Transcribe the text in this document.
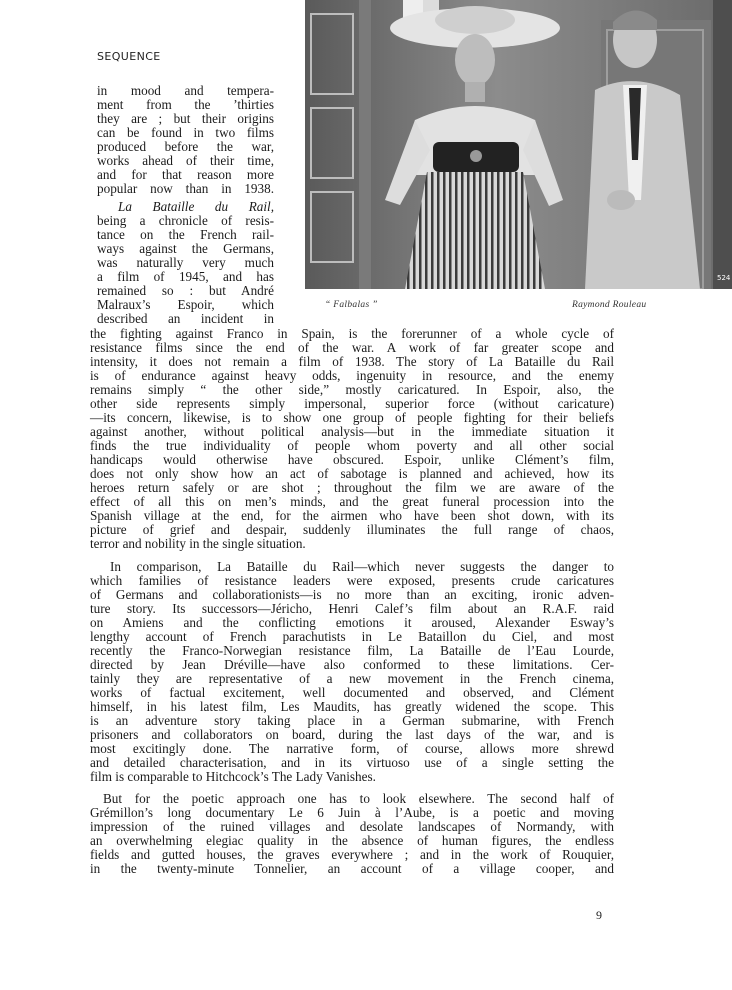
SEQUENCE
524
“ Falbalas ”	Raymond Rouleau

in mood and tempera-

ment from the ’thirties

they are ; but their origins

can be found in two films

produced before the war,

works ahead of their time,

and for that reason more

popular now than in 1938.

La Bataille du Rail,

being a chronicle of resis-

tance on the French rail-

ways against the Germans,

was naturally very much

a film of 1945, and has

remained so : but André

Malraux’s Espoir, which

described an incident in

the fighting against Franco in Spain, is the forerunner of a whole cycle of

resistance films since the end of the war. A work of far greater scope and

intensity, it does not remain a film of 1938. The story of La Bataille du Rail

is of endurance against heavy odds, ingenuity in resource, and the enemy

remains simply “ the other side,” mostly caricatured. In Espoir, also, the

other side represents simply impersonal, superior force (without caricature)

—its concern, likewise, is to show one group of people fighting for their beliefs

against another, without political analysis—but in the immediate situation it

finds the true individuality of people whom poverty and all other social

handicaps would otherwise have obscured. Espoir, unlike Clément’s film,

does not only show how an act of sabotage is planned and achieved, how its

heroes return safely or are shot ; throughout the film we are aware of the

effect of all this on men’s minds, and the great funeral procession into the

Spanish village at the end, for the airmen who have been shot down, with its

picture of grief and despair, suddenly illuminates the full range of chaos,

terror and nobility in the single situation.

In comparison, La Bataille du Rail—which never suggests the danger to

which families of resistance leaders were exposed, presents crude caricatures

of Germans and collaborationists—is no more than an exciting, ironic adven-

ture story. Its successors—Jéricho, Henri Calef’s film about an R.A.F. raid

on Amiens and the conflicting emotions it aroused, Alexander Esway’s

lengthy account of French parachutists in Le Bataillon du Ciel, and most

recently the Franco-Norwegian resistance film, La Bataille de l’Eau Lourde,

directed by Jean Dréville—have also conformed to these limitations. Cer-

tainly they are representative of a new movement in the French cinema,

works of factual excitement, well documented and observed, and Clément

himself, in his latest film, Les Maudits, has greatly widened the scope. This

is an adventure story taking place in a German submarine, with French

prisoners and collaborators on board, during the last days of the war, and is

most excitingly done. The narrative form, of course, allows more shrewd

and detailed characterisation, and in its virtuoso use of a single setting the

film is comparable to Hitchcock’s The Lady Vanishes.

But for the poetic approach one has to look elsewhere. The second half of

Grémillon’s long documentary Le 6 Juin à l’Aube, is a poetic and moving

impression of the ruined villages and desolate landscapes of Normandy, with

an overwhelming elegiac quality in the absence of human figures, the endless

fields and gutted houses, the graves everywhere ; and in the work of Rouquier,

in the twenty-minute Tonnelier, an account of a village cooper, and

9
